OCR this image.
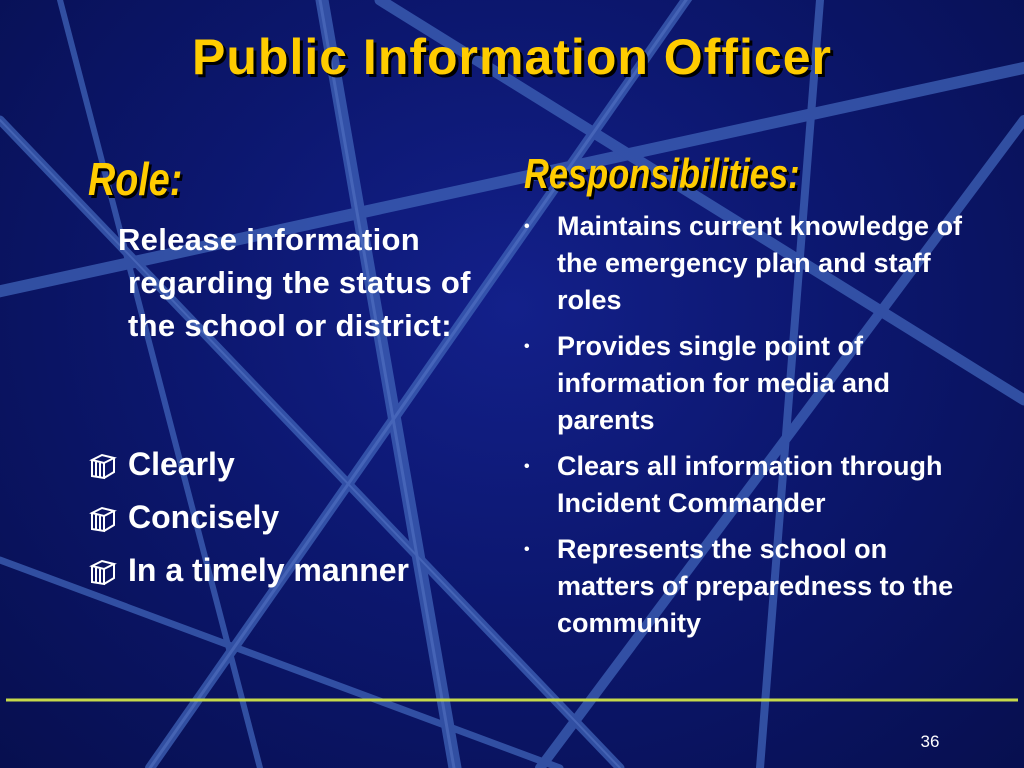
Public Information Officer
Role:

Release information regarding the status of the school or district:

Clearly
Concisely
In a timely manner
Responsibilities:
•	Maintains current knowledge of the emergency plan and staff roles
•	Provides single point of information for media and parents
•	Clears all information through Incident Commander
•	Represents the school on matters of preparedness to the community
36
